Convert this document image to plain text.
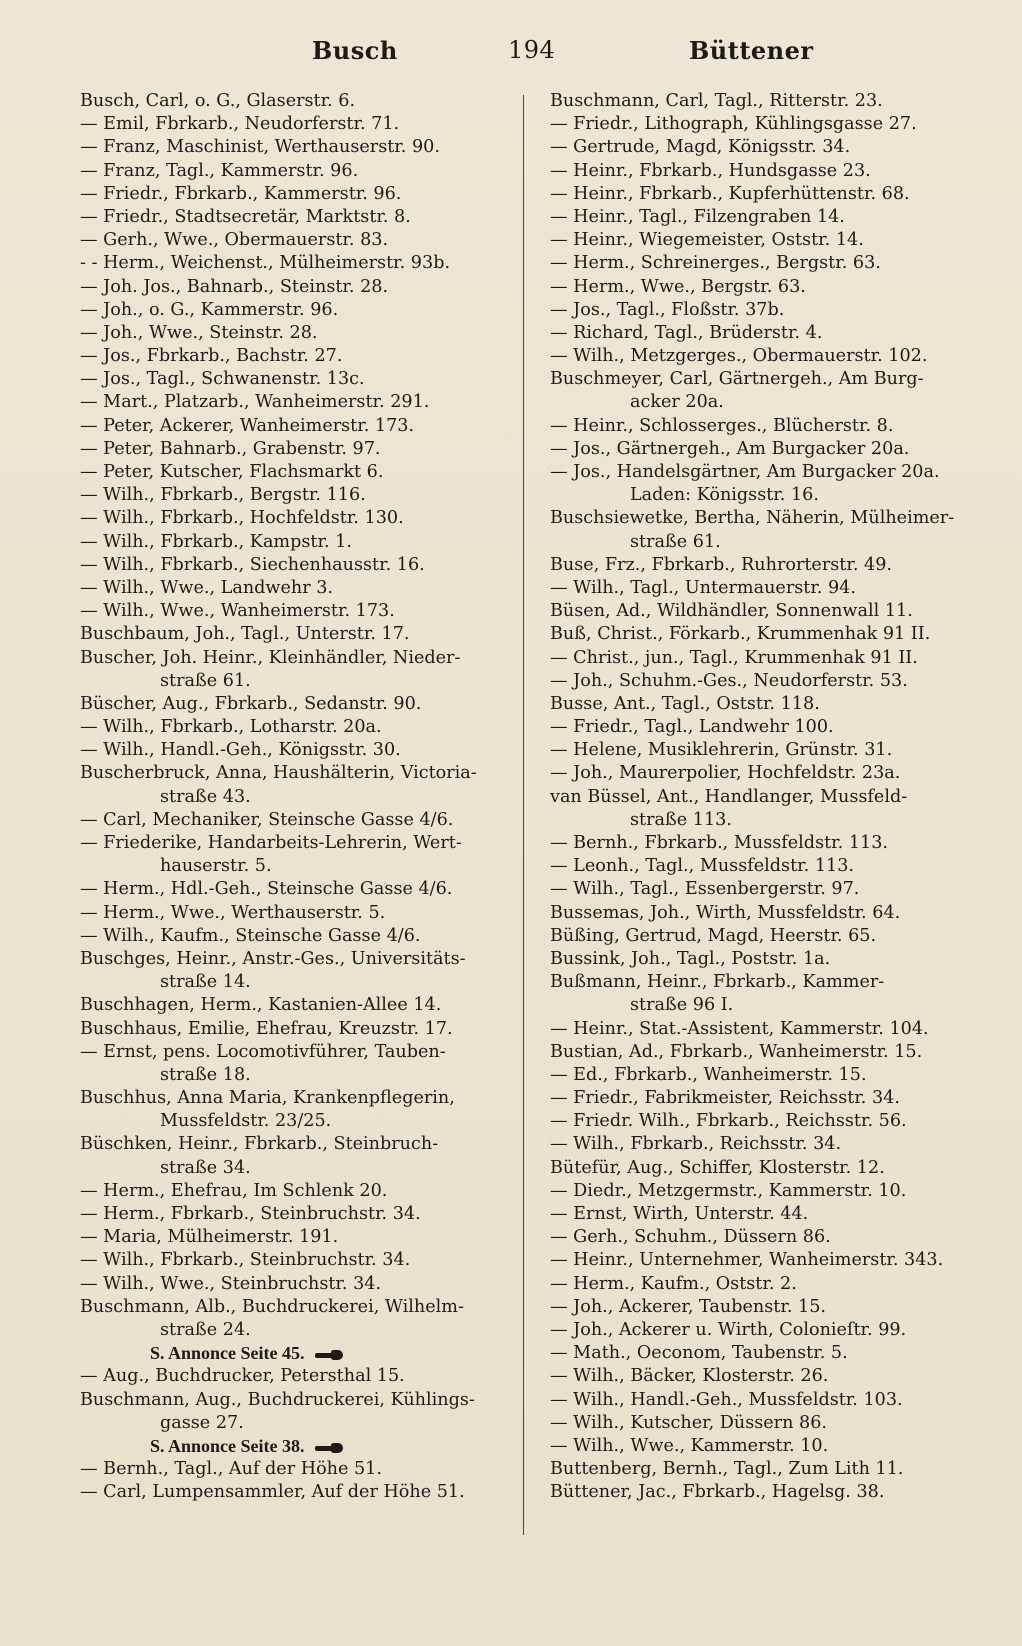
Busch	194	Büttener
Busch, Carl, o. G., Glaserstr. 6.
— Emil, Fbrkarb., Neudorferstr. 71.
— Franz, Maschinist, Werthauserstr. 90.
— Franz, Tagl., Kammerstr. 96.
— Friedr., Fbrkarb., Kammerstr. 96.
— Friedr., Stadtsecretär, Marktstr. 8.
— Gerh., Wwe., Obermauerstr. 83.
- - Herm., Weichenst., Mülheimerstr. 93b.
— Joh. Jos., Bahnarb., Steinstr. 28.
— Joh., o. G., Kammerstr. 96.
— Joh., Wwe., Steinstr. 28.
— Jos., Fbrkarb., Bachstr. 27.
— Jos., Tagl., Schwanenstr. 13c.
— Mart., Platzarb., Wanheimerstr. 291.
— Peter, Ackerer, Wanheimerstr. 173.
— Peter, Bahnarb., Grabenstr. 97.
— Peter, Kutscher, Flachsmarkt 6.
— Wilh., Fbrkarb., Bergstr. 116.
— Wilh., Fbrkarb., Hochfeldstr. 130.
— Wilh., Fbrkarb., Kampstr. 1.
— Wilh., Fbrkarb., Siechenhausstr. 16.
— Wilh., Wwe., Landwehr 3.
— Wilh., Wwe., Wanheimerstr. 173.
Buschbaum, Joh., Tagl., Unterstr. 17.
Buscher, Joh. Heinr., Kleinhändler, Nieder-
straße 61.
Büscher, Aug., Fbrkarb., Sedanstr. 90.
— Wilh., Fbrkarb., Lotharstr. 20a.
— Wilh., Handl.-Geh., Königsstr. 30.
Buscherbruck, Anna, Haushälterin, Victoria-
straße 43.
— Carl, Mechaniker, Steinsche Gasse 4/6.
— Friederike, Handarbeits-Lehrerin, Wert-
hauserstr. 5.
— Herm., Hdl.-Geh., Steinsche Gasse 4/6.
— Herm., Wwe., Werthauserstr. 5.
— Wilh., Kaufm., Steinsche Gasse 4/6.
Buschges, Heinr., Anstr.-Ges., Universitäts-
straße 14.
Buschhagen, Herm., Kastanien-Allee 14.
Buschhaus, Emilie, Ehefrau, Kreuzstr. 17.
— Ernst, pens. Locomotivführer, Tauben-
straße 18.
Buschhus, Anna Maria, Krankenpflegerin,
Mussfeldstr. 23/25.
Büschken, Heinr., Fbrkarb., Steinbruch-
straße 34.
— Herm., Ehefrau, Im Schlenk 20.
— Herm., Fbrkarb., Steinbruchstr. 34.
— Maria, Mülheimerstr. 191.
— Wilh., Fbrkarb., Steinbruchstr. 34.
— Wilh., Wwe., Steinbruchstr. 34.
Buschmann, Alb., Buchdruckerei, Wilhelm-
straße 24.
S. Annonce Seite 45.
— Aug., Buchdrucker, Petersthal 15.
Buschmann, Aug., Buchdruckerei, Kühlings-
gasse 27.
S. Annonce Seite 38.
— Bernh., Tagl., Auf der Höhe 51.
— Carl, Lumpensammler, Auf der Höhe 51.
Buschmann, Carl, Tagl., Ritterstr. 23.
— Friedr., Lithograph, Kühlingsgasse 27.
— Gertrude, Magd, Königsstr. 34.
— Heinr., Fbrkarb., Hundsgasse 23.
— Heinr., Fbrkarb., Kupferhüttenstr. 68.
— Heinr., Tagl., Filzengraben 14.
— Heinr., Wiegemeister, Oststr. 14.
— Herm., Schreinerges., Bergstr. 63.
— Herm., Wwe., Bergstr. 63.
— Jos., Tagl., Floßstr. 37b.
— Richard, Tagl., Brüderstr. 4.
— Wilh., Metzgerges., Obermauerstr. 102.
Buschmeyer, Carl, Gärtnergeh., Am Burg-
acker 20a.
— Heinr., Schlosserges., Blücherstr. 8.
— Jos., Gärtnergeh., Am Burgacker 20a.
— Jos., Handelsgärtner, Am Burgacker 20a.
Laden: Königsstr. 16.
Buschsiewetke, Bertha, Näherin, Mülheimer-
straße 61.
Buse, Frz., Fbrkarb., Ruhrorterstr. 49.
— Wilh., Tagl., Untermauerstr. 94.
Büsen, Ad., Wildhändler, Sonnenwall 11.
Buß, Christ., Förkarb., Krummenhak 91 II.
— Christ., jun., Tagl., Krummenhak 91 II.
— Joh., Schuhm.-Ges., Neudorferstr. 53.
Busse, Ant., Tagl., Oststr. 118.
— Friedr., Tagl., Landwehr 100.
— Helene, Musiklehrerin, Grünstr. 31.
— Joh., Maurerpolier, Hochfeldstr. 23a.
van Büssel, Ant., Handlanger, Mussfeld-
straße 113.
— Bernh., Fbrkarb., Mussfeldstr. 113.
— Leonh., Tagl., Mussfeldstr. 113.
— Wilh., Tagl., Essenbergerstr. 97.
Bussemas, Joh., Wirth, Mussfeldstr. 64.
Büßing, Gertrud, Magd, Heerstr. 65.
Bussink, Joh., Tagl., Poststr. 1a.
Bußmann, Heinr., Fbrkarb., Kammer-
straße 96 I.
— Heinr., Stat.-Assistent, Kammerstr. 104.
Bustian, Ad., Fbrkarb., Wanheimerstr. 15.
— Ed., Fbrkarb., Wanheimerstr. 15.
— Friedr., Fabrikmeister, Reichsstr. 34.
— Friedr. Wilh., Fbrkarb., Reichsstr. 56.
— Wilh., Fbrkarb., Reichsstr. 34.
Bütefür, Aug., Schiffer, Klosterstr. 12.
— Diedr., Metzgermstr., Kammerstr. 10.
— Ernst, Wirth, Unterstr. 44.
— Gerh., Schuhm., Düssern 86.
— Heinr., Unternehmer, Wanheimerstr. 343.
— Herm., Kaufm., Oststr. 2.
— Joh., Ackerer, Taubenstr. 15.
— Joh., Ackerer u. Wirth, Colonieſtr. 99.
— Math., Oeconom, Taubenstr. 5.
— Wilh., Bäcker, Klosterstr. 26.
— Wilh., Handl.-Geh., Mussfeldstr. 103.
— Wilh., Kutscher, Düssern 86.
— Wilh., Wwe., Kammerstr. 10.
Buttenberg, Bernh., Tagl., Zum Lith 11.
Büttener, Jac., Fbrkarb., Hagelsg. 38.
